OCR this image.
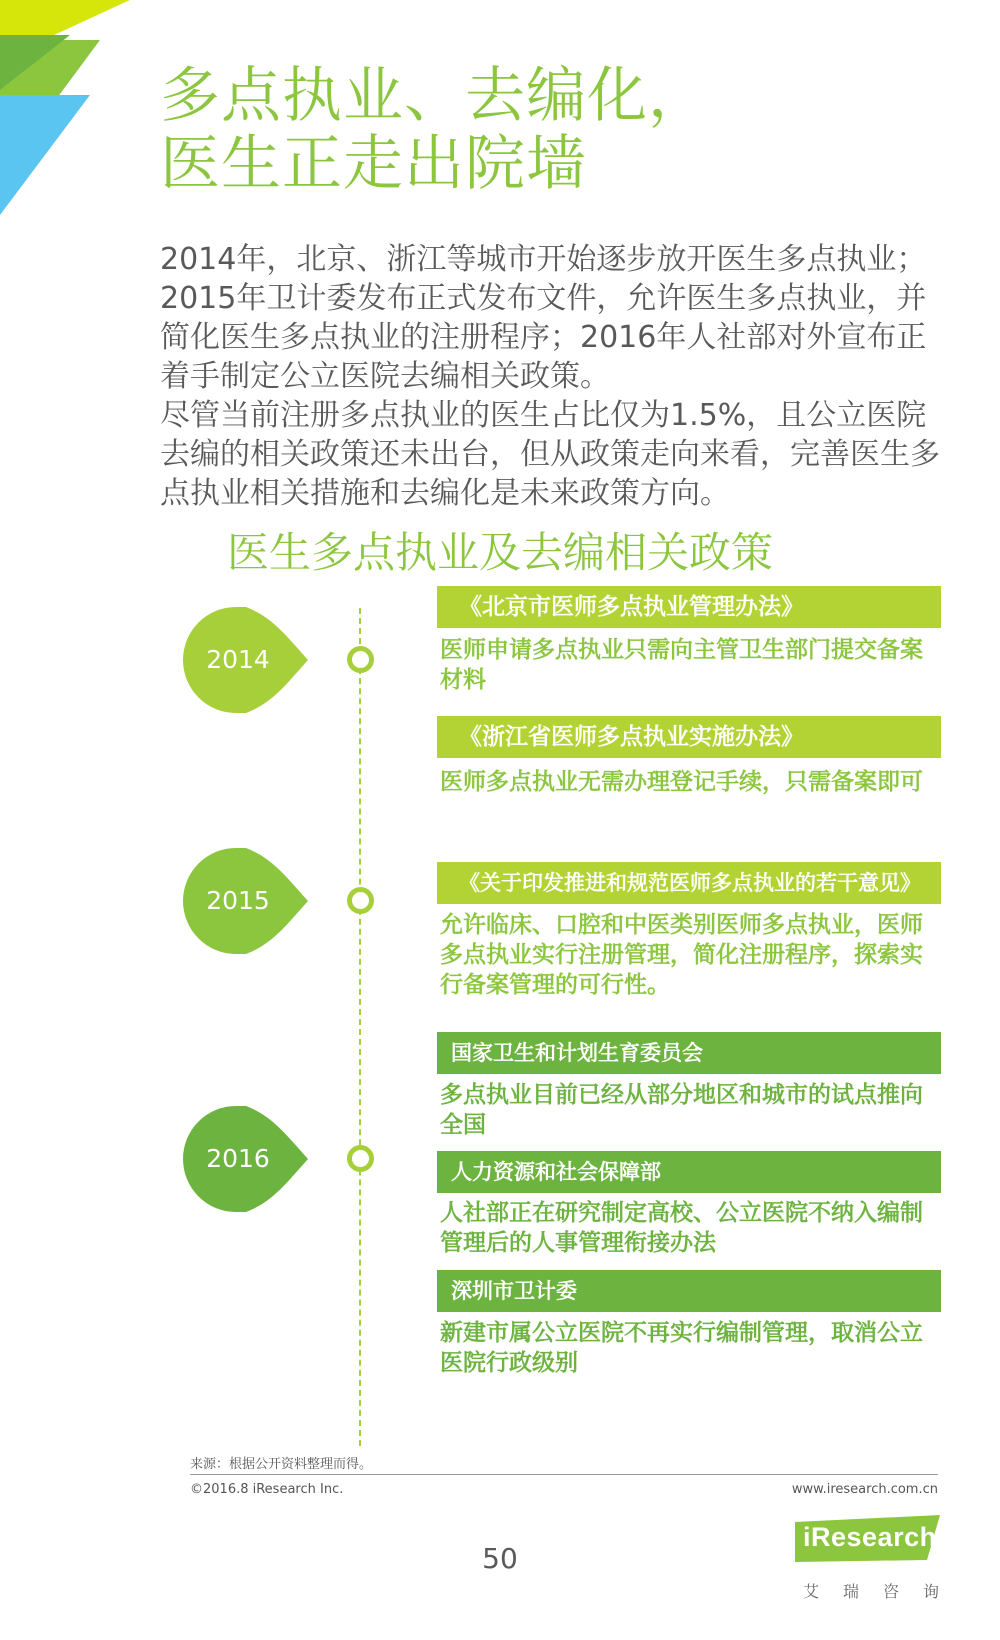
多点执业、去编化，
医生正走出院墙

2014年，北京、浙江等城市开始逐步放开医生多点执业；2015年卫计委发布正式发布文件，允许医生多点执业，并简化医生多点执业的注册程序；2016年人社部对外宣布正着手制定公立医院去编相关政策。

尽管当前注册多点执业的医生占比仅为1.5%，且公立医院去编的相关政策还未出台，但从政策走向来看，完善医生多点执业相关措施和去编化是未来政策方向。

医生多点执业及去编相关政策
2014
2015
2016
《北京市医师多点执业管理办法》
医师申请多点执业只需向主管卫生部门提交备案材料
《浙江省医师多点执业实施办法》
医师多点执业无需办理登记手续，只需备案即可
《关于印发推进和规范医师多点执业的若干意见》
允许临床、口腔和中医类别医师多点执业，医师多点执业实行注册管理，简化注册程序，探索实行备案管理的可行性。
国家卫生和计划生育委员会
多点执业目前已经从部分地区和城市的试点推向全国
人力资源和社会保障部
人社部正在研究制定高校、公立医院不纳入编制管理后的人事管理衔接办法
深圳市卫计委
新建市属公立医院不再实行编制管理，取消公立医院行政级别
来源：根据公开资料整理而得。
©2016.8 iResearch Inc.	www.iresearch.com.cn
50
iResearch
艾瑞咨询
